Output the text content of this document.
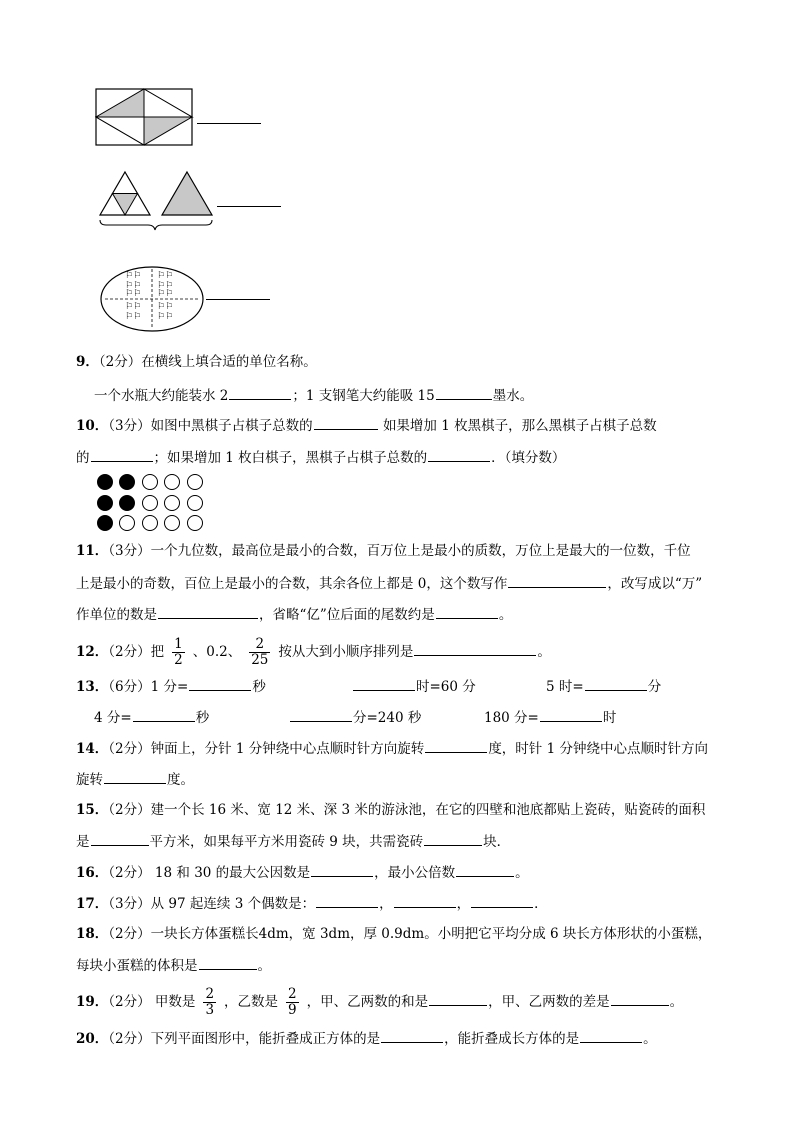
⚐⚐ ⚐⚐
⚐⚐ ⚐⚐
⚐⚐ ⚐⚐
⚐⚐ ⚐⚐
⚐⚐ ⚐⚐
9．（2分）在横线上填合适的单位名称。
一个水瓶大约能装水 2	；1 支钢笔大约能吸 15	墨水。
10．（3分）如图中黑棋子占棋子总数的	如果增加 1 枚黑棋子，那么黑棋子占棋子总数
的	；如果增加 1 枚白棋子，黑棋子占棋子总数的	．（填分数）
11．（3分）一个九位数，最高位是最小的合数，百万位上是最小的质数，万位上是最大的一位数，千位
上是最小的奇数，百位上是最小的合数，其余各位上都是 0，这个数写作	，改写成以“万”
作单位的数是	，省略“亿”位后面的尾数约是	。
12．（2分）把 $\frac{1}{2}$ 、0.2、 $\frac{2}{25}$ 按从大到小顺序排列是	。
13．（6分）1 分=	秒	时=60 分	5 时=	分
4 分=	秒	分=240 秒	180 分=	时
14．（2分）钟面上，分针 1 分钟绕中心点顺时针方向旋转	度，时针 1 分钟绕中心点顺时针方向
旋转	度。
15．（2分）建一个长 16 米、宽 12 米、深 3 米的游泳池，在它的四壁和池底都贴上瓷砖，贴瓷砖的面积
是	平方米，如果每平方米用瓷砖 9 块，共需瓷砖	块．
16．（2分） 18 和 30 的最大公因数是	，最小公倍数	。
17．（3分）从 97 起连续 3 个偶数是：	，	，	．
18．（2分）一块长方体蛋糕长4dm，宽 3dm，厚 0.9dm。小明把它平均分成 6 块长方体形状的小蛋糕，
每块小蛋糕的体积是	。
19．（2分） 甲数是 $\frac{2}{3}$ ，乙数是 $\frac{2}{9}$ ，甲、乙两数的和是	，甲、乙两数的差是	。
20．（2分）下列平面图形中，能折叠成正方体的是	，能折叠成长方体的是	。
